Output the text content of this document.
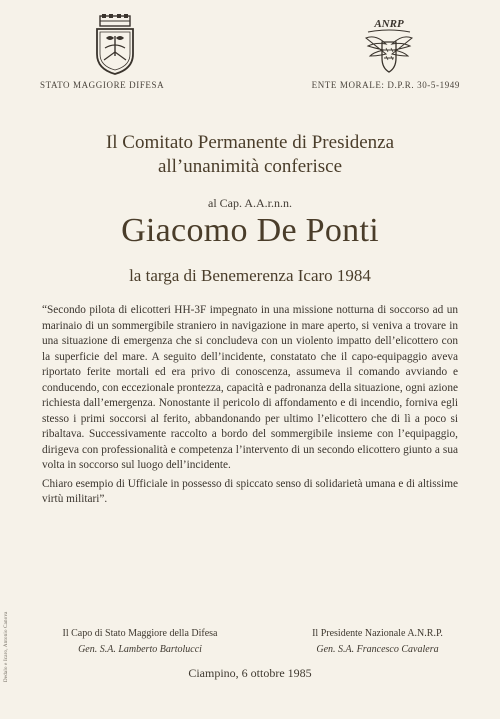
ANRP
STATO MAGGIORE DIFESA	ENTE MORALE: D.P.R. 30-5-1949
Il Comitato Permanente di Presidenza
all’unanimità conferisce
al Cap. A.A.r.n.n.
Giacomo De Ponti
la targa di Benemerenza Icaro 1984

“Secondo pilota di elicotteri HH-3F impegnato in una missione notturna di soccorso ad un marinaio di un sommergibile straniero in navigazione in mare aperto, si veniva a trovare in una situazione di emergenza che si concludeva con un violento impatto dell’elicottero con la superficie del mare. A seguito dell’incidente, constatato che il capo-equipaggio aveva riportato ferite mortali ed era privo di conoscenza, assumeva il comando avviando e conducendo, con eccezionale prontezza, capacità e padronanza della situazione, ogni azione richiesta dall’emergenza. Nonostante il pericolo di affondamento e di incendio, forniva egli stesso i primi soccorsi al ferito, abbandonando per ultimo l’elicottero che di lì a poco si ribaltava. Successivamente raccolto a bordo del sommergibile insieme con l’equipaggio, dirigeva con professionalità e competenza l’intervento di un secondo elicottero giunto a sua volta in soccorso sul luogo dell’incidente.

Chiaro esempio di Ufficiale in possesso di spiccato senso di solidarietà umana e di altissime virtù militari”.

Il Capo di Stato Maggiore della Difesa
Gen. S.A. Lamberto Bartolucci
Il Presidente Nazionale A.N.R.P.
Gen. S.A. Francesco Cavalera
Ciampino, 6 ottobre 1985
Dedalo e Icaro, Antonio Canova
